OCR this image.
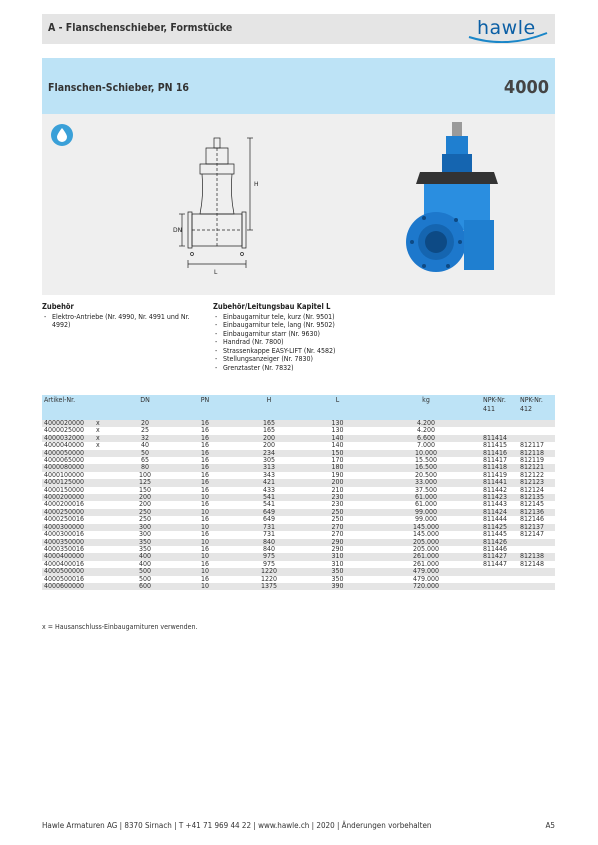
A - Flanschenschieber, Formstücke	hawle
Flanschen-Schieber, PN 16	4000
H
DN
L
Zubehör
- Elektro-Antriebe (Nr. 4990, Nr. 4991 und Nr. 4992)
Zubehör/Leitungsbau Kapitel L
- Einbaugarnitur tele, kurz (Nr. 9501)
- Einbaugarnitur tele, lang (Nr. 9502)
- Einbaugarnitur starr (Nr. 9630)
- Handrad (Nr. 7800)
- Strassenkappe EASY-LIFT (Nr. 4582)
- Stellungsanzeiger (Nr. 7830)
- Grenztaster (Nr. 7832)
Artikel-Nr.		DN	PN	H	L	kg	NPK-Nr. 411	NPK-Nr. 412
4000020000	x	20	16	165	130	4.200		
4000025000	x	25	16	165	130	4.200		
4000032000	x	32	16	200	140	6.600	811414	
4000040000	x	40	16	200	140	7.000	811415	812117
4000050000		50	16	234	150	10.000	811416	812118
4000065000		65	16	305	170	15.500	811417	812119
4000080000		80	16	313	180	16.500	811418	812121
4000100000		100	16	343	190	20.500	811419	812122
4000125000		125	16	421	200	33.000	811441	812123
4000150000		150	16	433	210	37.500	811442	812124
4000200000		200	10	541	230	61.000	811423	812135
4000200016		200	16	541	230	61.000	811443	812145
4000250000		250	10	649	250	99.000	811424	812136
4000250016		250	16	649	250	99.000	811444	812146
4000300000		300	10	731	270	145.000	811425	812137
4000300016		300	16	731	270	145.000	811445	812147
4000350000		350	10	840	290	205.000	811426	
4000350016		350	16	840	290	205.000	811446	
4000400000		400	10	975	310	261.000	811427	812138
4000400016		400	16	975	310	261.000	811447	812148
4000500000		500	10	1220	350	479.000		
4000500016		500	16	1220	350	479.000		
4000600000		600	10	1375	390	720.000		
x = Hausanschluss-Einbaugarnituren verwenden.
Hawle Armaturen AG | 8370 Sirnach | T +41 71 969 44 22 | www.hawle.ch | 2020 | Änderungen vorbehalten	A5
